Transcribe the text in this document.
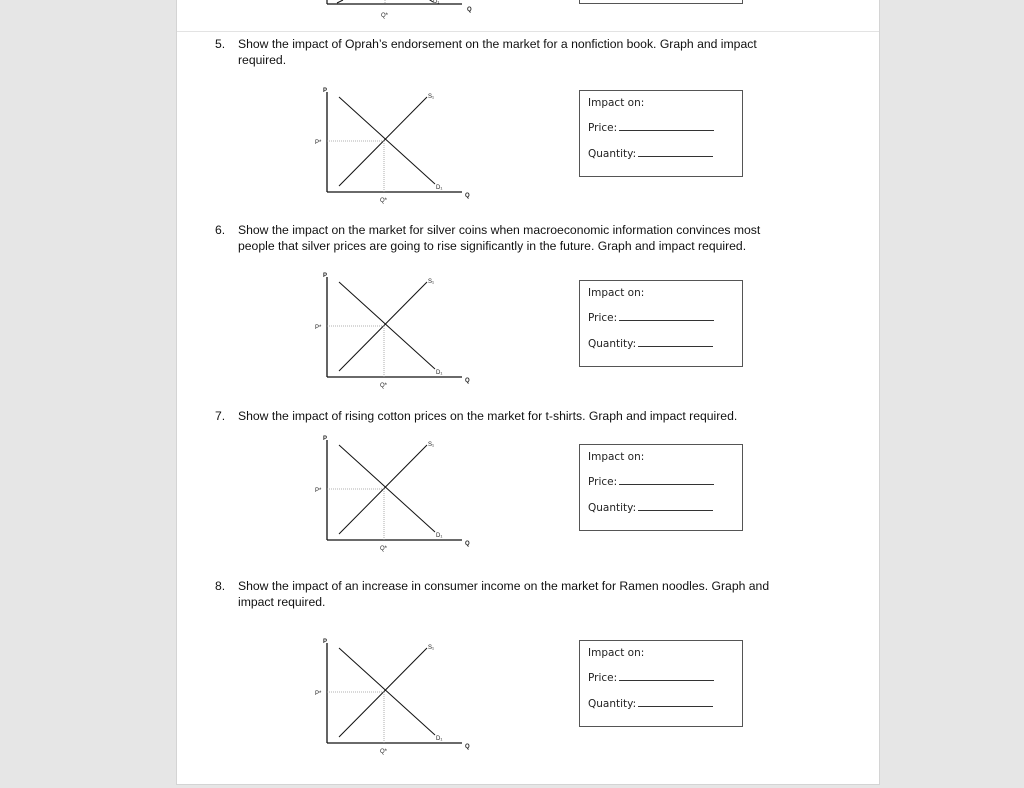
D₁
Q*
Q
5. Show the impact of Oprah’s endorsement on the market for a nonfiction book. Graph and impact required.
P
Q
P*
Q*
S₁
D₁
Impact on:
Price:
Quantity:
6. Show the impact on the market for silver coins when macroeconomic information convinces most people that silver prices are going to rise significantly in the future. Graph and impact required.
P
Q
P*
Q*
S₁
D₁
Impact on:
Price:
Quantity:
7. Show the impact of rising cotton prices on the market for t-shirts. Graph and impact required.
P
Q
P*
Q*
S₁
D₁
Impact on:
Price:
Quantity:
8. Show the impact of an increase in consumer income on the market for Ramen noodles. Graph and impact required.
P
Q
P*
Q*
S₁
D₁
Impact on:
Price:
Quantity:
